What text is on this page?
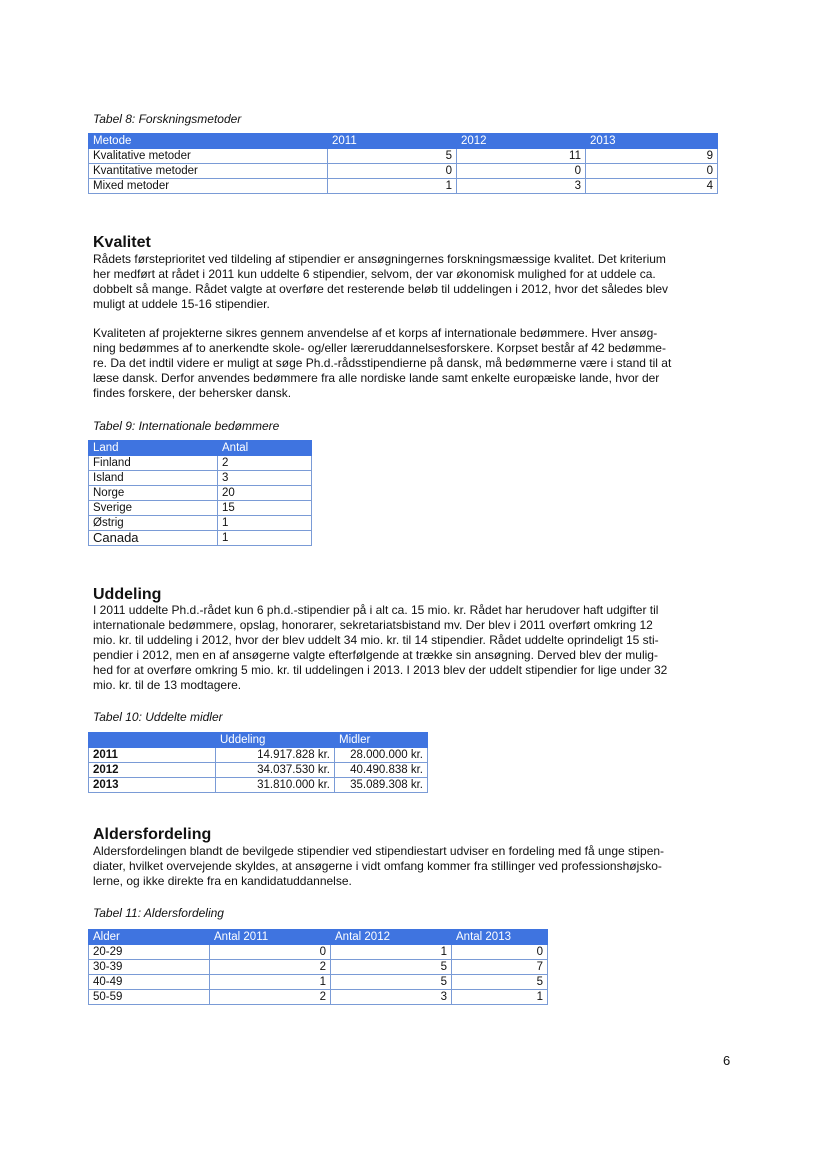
Tabel 8: Forskningsmetoder
Metode	2011	2012	2013
Kvalitative metoder	5	11	9
Kvantitative metoder	0	0	0
Mixed metoder	1	3	4
Kvalitet

Rådets førsteprioritet ved tildeling af stipendier er ansøgningernes forskningsmæssige kvalitet. Det kriterium

her medført at rådet i 2011 kun uddelte 6 stipendier, selvom, der var økonomisk mulighed for at uddele ca.

dobbelt så mange. Rådet valgte at overføre det resterende beløb til uddelingen i 2012, hvor det således blev

muligt at uddele 15-16 stipendier.

Kvaliteten af projekterne sikres gennem anvendelse af et korps af internationale bedømmere. Hver ansøg-

ning bedømmes af to anerkendte skole- og/eller læreruddannelsesforskere. Korpset består af 42 bedømme-

re. Da det indtil videre er muligt at søge Ph.d.-rådsstipendierne på dansk, må bedømmerne være i stand til at

læse dansk. Derfor anvendes bedømmere fra alle nordiske lande samt enkelte europæiske lande, hvor der

findes forskere, der behersker dansk.

Tabel 9: Internationale bedømmere
Land	Antal
Finland	2
Island	3
Norge	20
Sverige	15
Østrig	1
Canada	1
Uddeling

I 2011 uddelte Ph.d.-rådet kun 6 ph.d.-stipendier på i alt ca. 15 mio. kr. Rådet har herudover haft udgifter til

internationale bedømmere, opslag, honorarer, sekretariatsbistand mv. Der blev i 2011 overført omkring 12

mio. kr. til uddeling i 2012, hvor der blev uddelt 34 mio. kr. til 14 stipendier. Rådet uddelte oprindeligt 15 sti-

pendier i 2012, men en af ansøgerne valgte efterfølgende at trække sin ansøgning. Derved blev der mulig-

hed for at overføre omkring 5 mio. kr. til uddelingen i 2013. I 2013 blev der uddelt stipendier for lige under 32

mio. kr. til de 13 modtagere.

Tabel 10: Uddelte midler
	Uddeling	Midler
2011	14.917.828 kr.	28.000.000 kr.
2012	34.037.530 kr.	40.490.838 kr.
2013	31.810.000 kr.	35.089.308 kr.
Aldersfordeling

Aldersfordelingen blandt de bevilgede stipendier ved stipendiestart udviser en fordeling med få unge stipen-

diater, hvilket overvejende skyldes, at ansøgerne i vidt omfang kommer fra stillinger ved professionshøjsko-

lerne, og ikke direkte fra en kandidatuddannelse.

Tabel 11: Aldersfordeling
Alder	Antal 2011	Antal 2012	Antal 2013
20-29	0	1	0
30-39	2	5	7
40-49	1	5	5
50-59	2	3	1
6
